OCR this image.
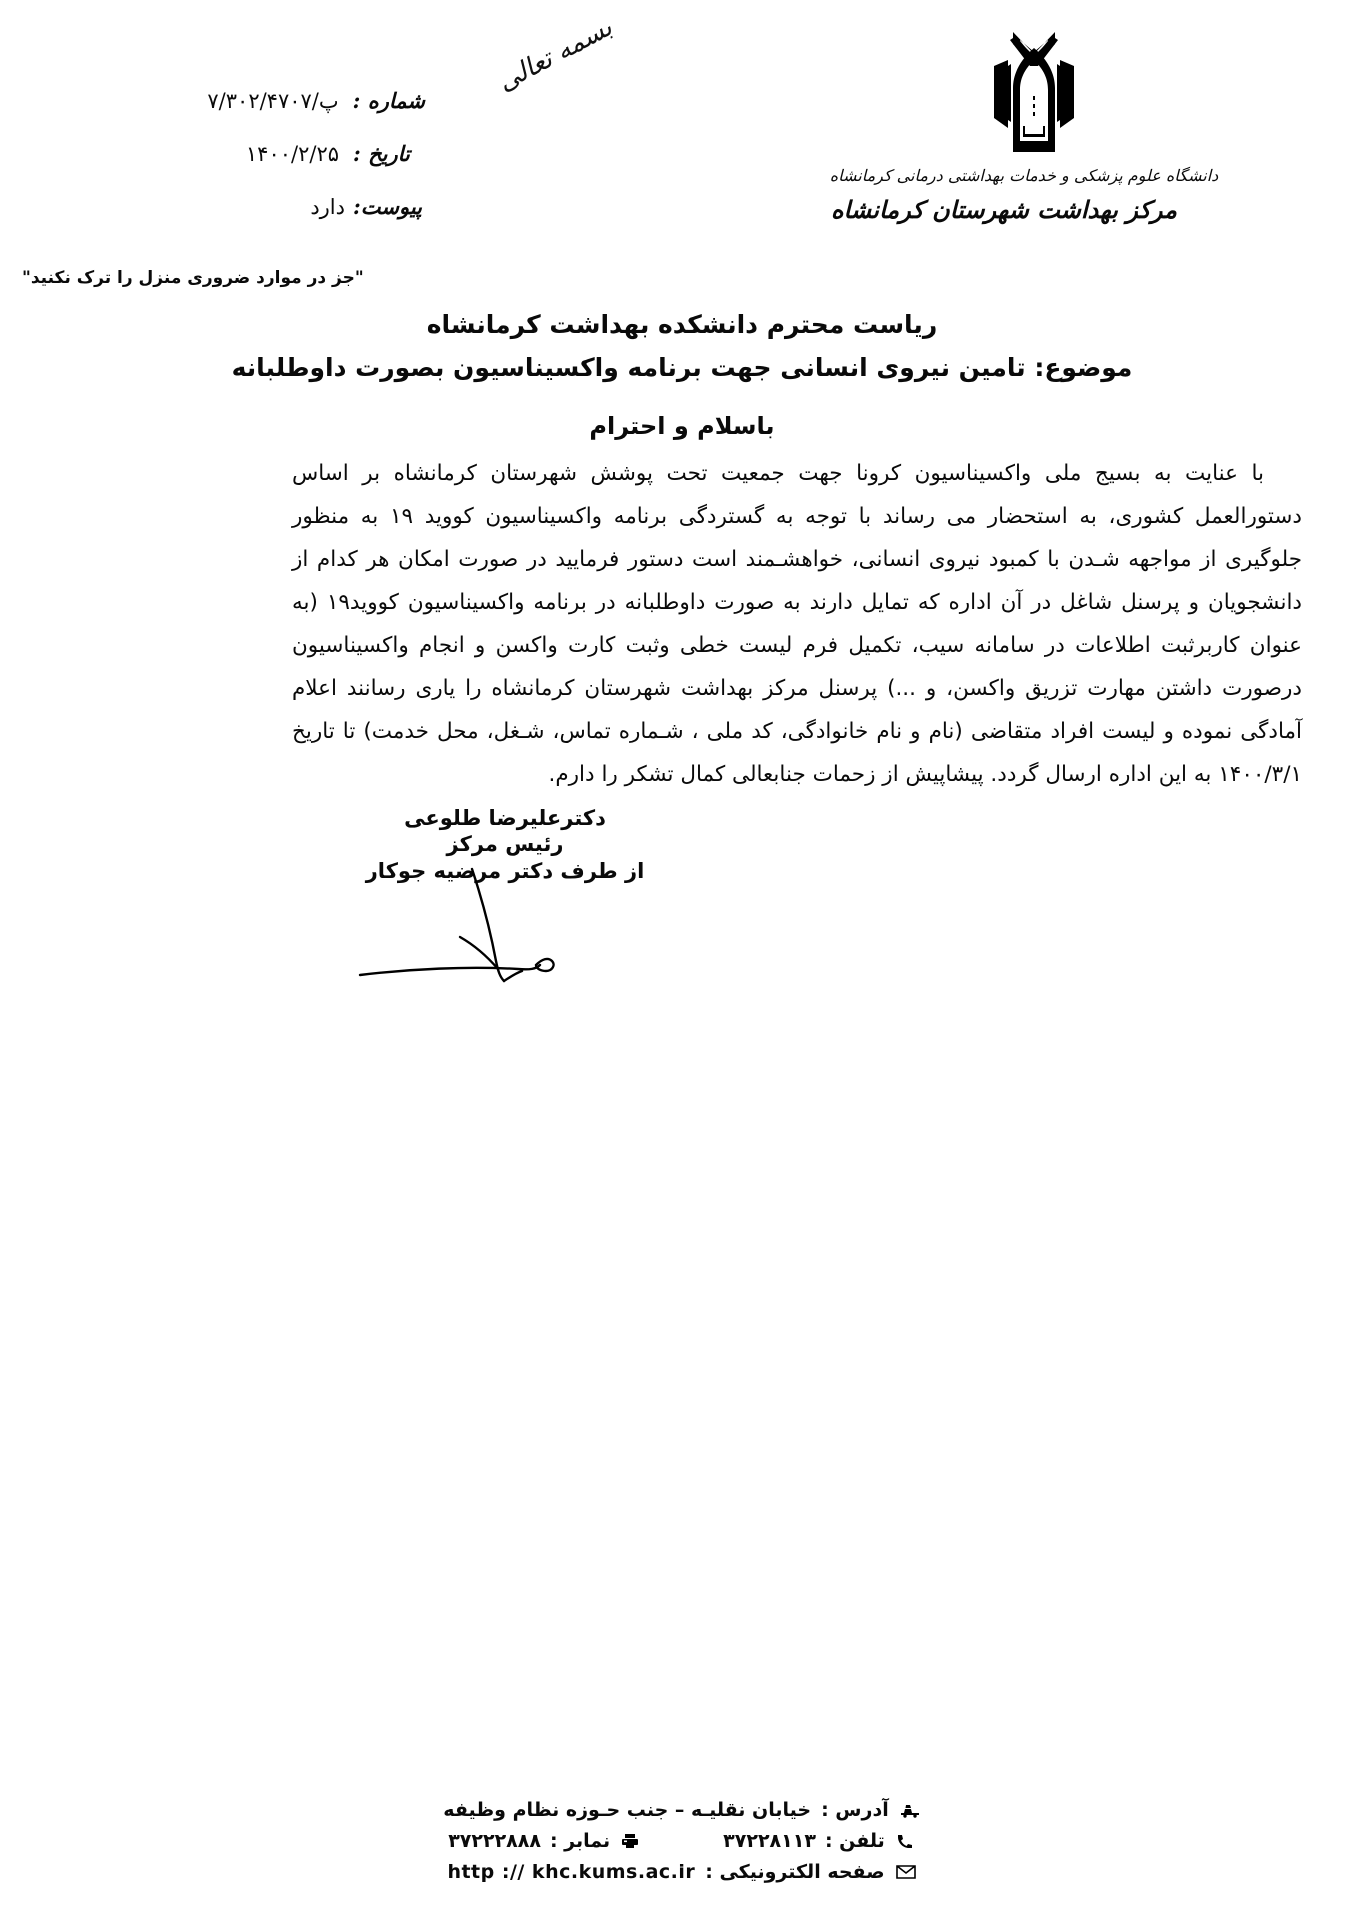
بسمه تعالی
شماره :
پ/۷/۳۰۲/۴۷۰۷
تاریخ :
۱۴۰۰/۲/۲۵
پیوست:
دارد
دانشگاه علوم پزشکی و خدمات بهداشتی درمانی کرمانشاه
مرکز بهداشت شهرستان کرمانشاه
"جز در موارد ضروری منزل را ترک نکنید"
ریاست محترم دانشکده بهداشت کرمانشاه
موضوع: تامین نیروی انسانی جهت برنامه واکسیناسیون بصورت داوطلبانه
باسلام و احترام

با عنایت به بسیج ملی واکسیناسیون کرونا جهت جمعیت تحت پوشش شهرستان کرمانشاه بر اساس دستورالعمل کشوری، به استحضار می رساند با توجه به گستردگی برنامه واکسیناسیون کووید ۱۹ به منظور جلوگیری از مواجهه شـدن با کمبود نیروی انسانی، خواهشـمند است دستور فرمایید در صورت امکان هر کدام از دانشجویان و پرسنل شاغل در آن اداره که تمایل دارند به صورت داوطلبانه در برنامه واکسیناسیون کووید۱۹ (به عنوان کاربرثبت اطلاعات در سامانه سیب، تکمیل فرم لیست خطی وثبت کارت واکسن و انجام واکسیناسیون درصورت داشتن مهارت تزریق واکسن، و ...) پرسنل مرکز بهداشت شهرستان کرمانشاه را یاری رسانند اعلام آمادگی نموده و لیست افراد متقاضی (نام و نام خانوادگی، کد ملی ، شـماره تماس، شـغل، محل خدمت) تا تاریخ ۱۴۰۰/۳/۱ به این اداره ارسال گردد. پیشاپیش از زحمات جنابعالی کمال تشکر را دارم.

دکترعلیرضا طلوعی
رئیس مرکز
از طرف دکتر مرضیه جوکار
آدرس :
خیابان نقلیـه – جنب حـوزه نظام وظیفه
تلفن :
۳۷۲۲۸۱۱۳
نمابر :
۳۷۲۲۲۸۸۸
صفحه الکترونیکی :
http :// khc.kums.ac.ir
